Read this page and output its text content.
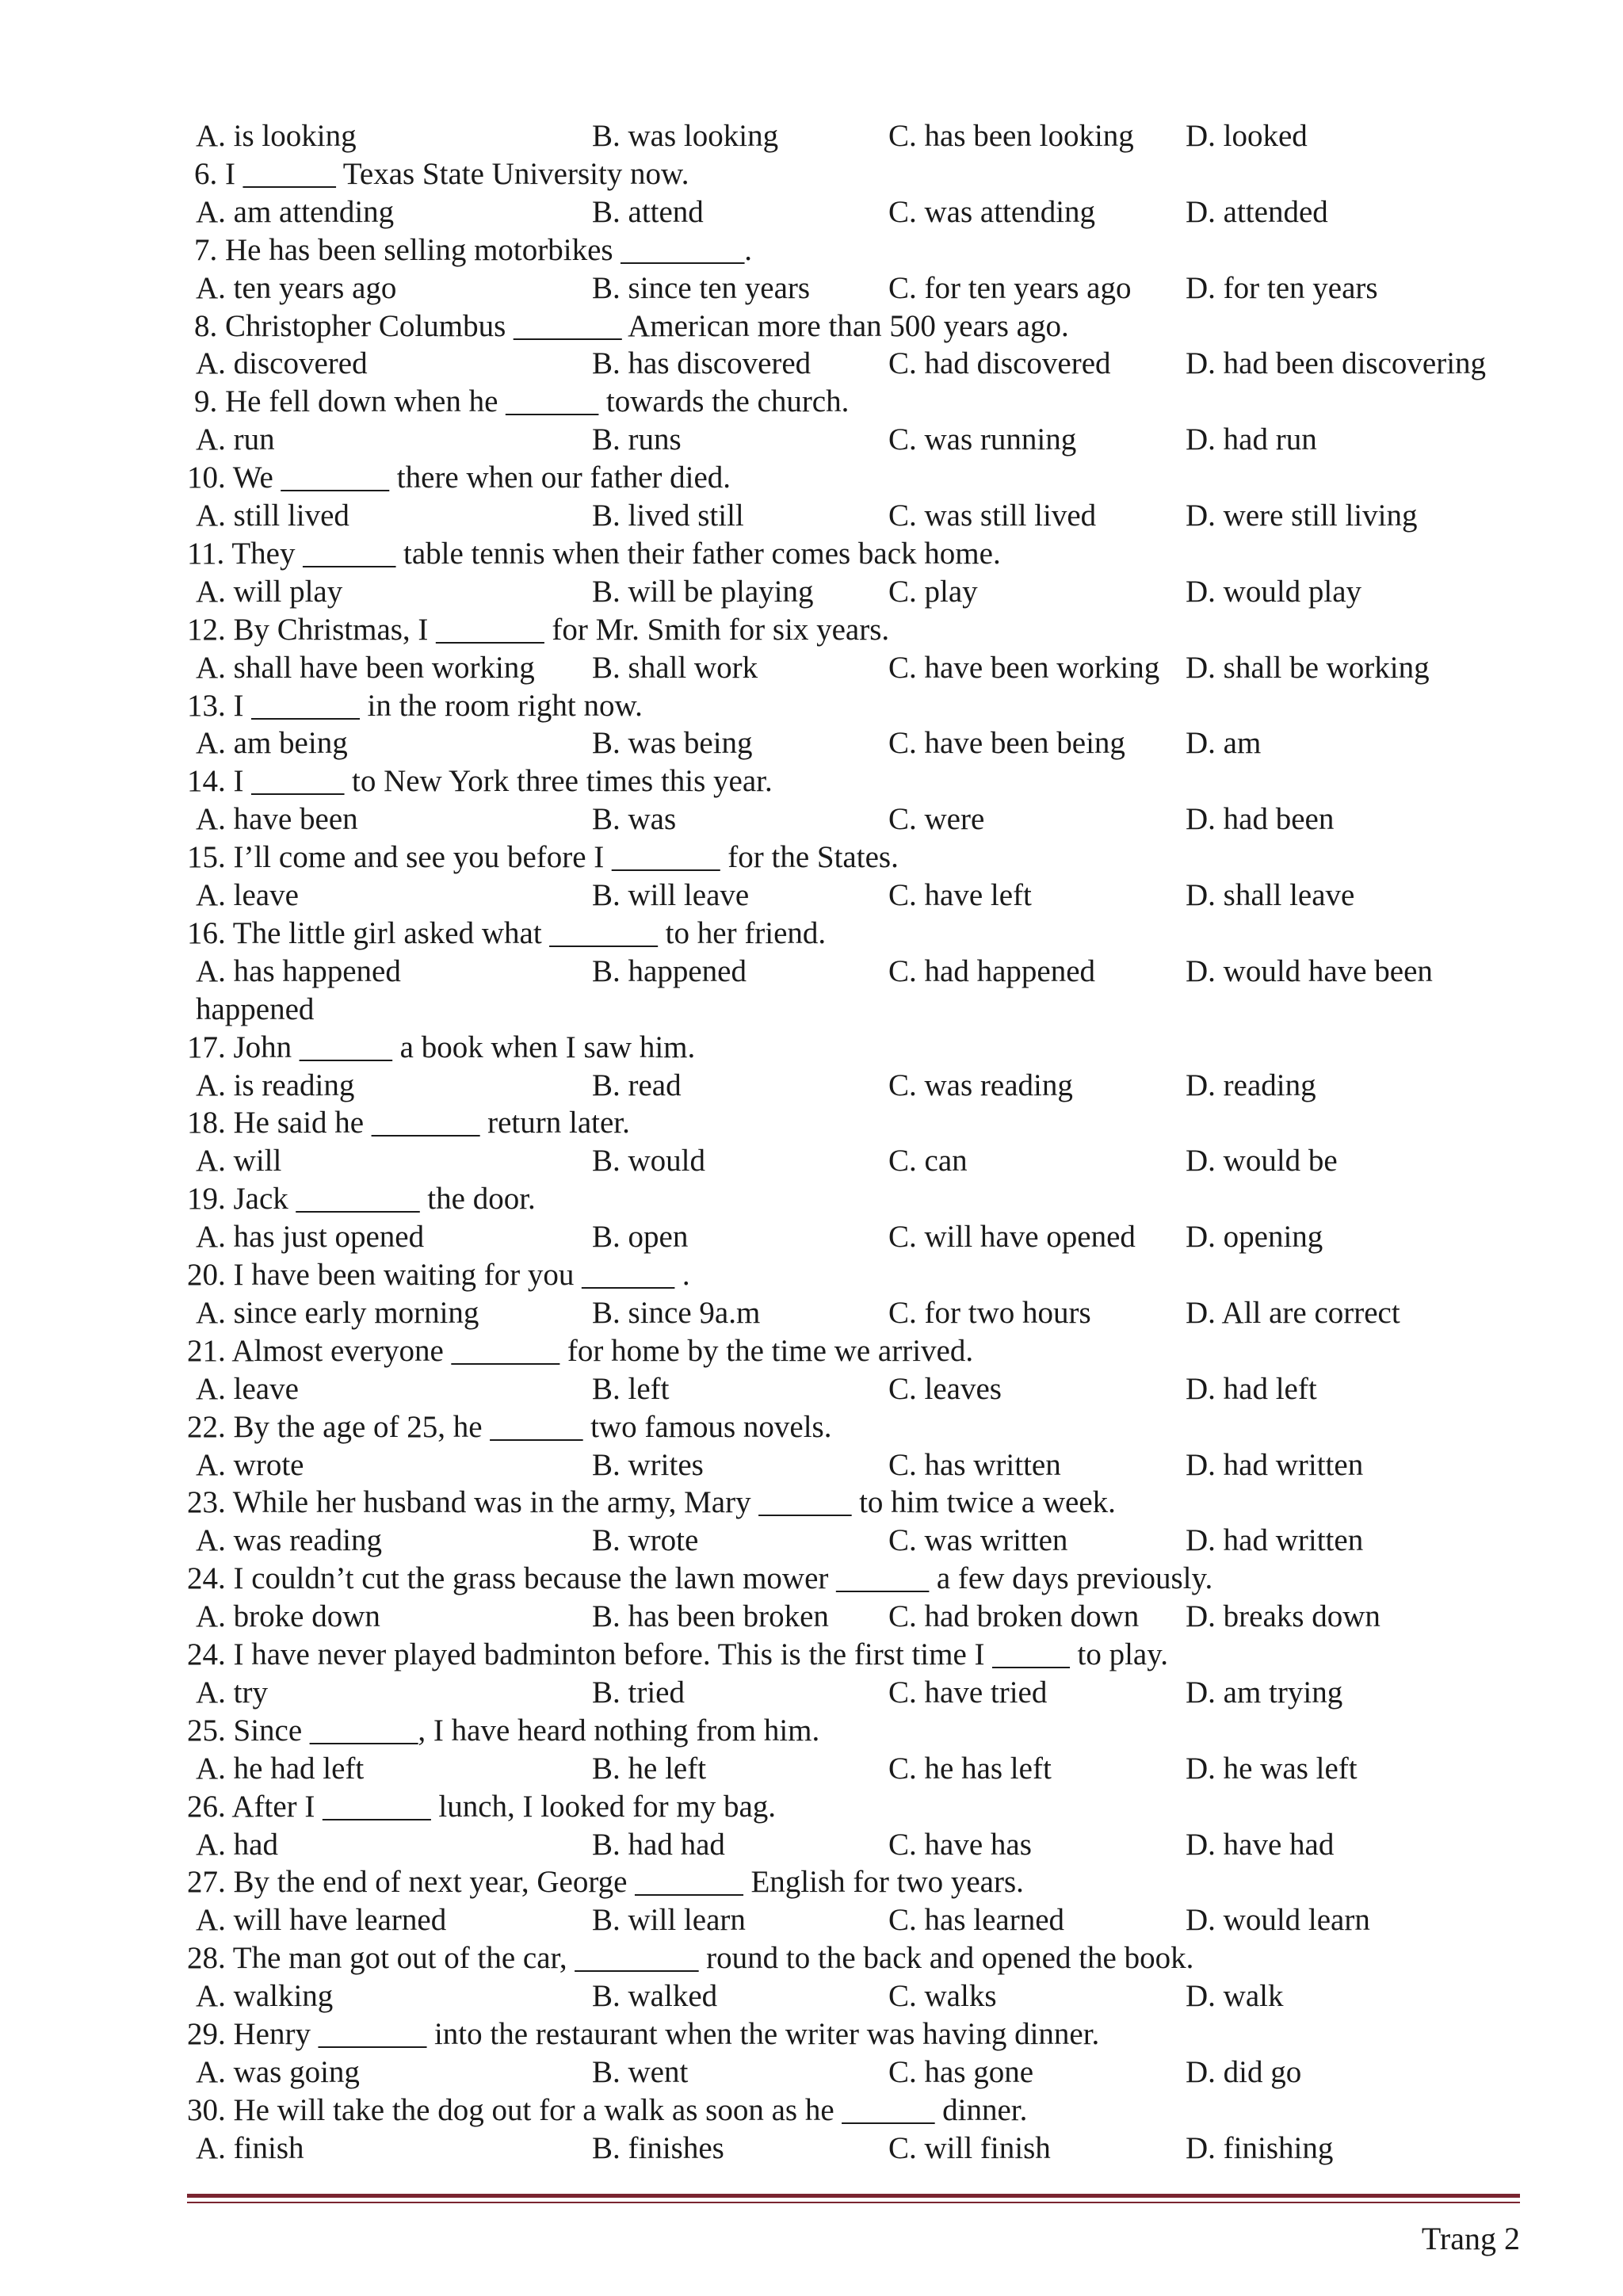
A. is looking	B. was looking	C. has been looking D. looked
6. I ______ Texas State University now.
A. am attending	B. attend	C. was attending	D. attended
7. He has been selling motorbikes ________.
A. ten years ago	B. since ten years	C. for ten years ago D. for ten years
8. Christopher Columbus _______ American more than 500 years ago.
A. discovered	B. has discovered	C. had discovered D. had been discovering
9. He fell down when he ______ towards the church.
A. run	B. runs	C. was running	D. had run
10. We _______ there when our father died.
A. still lived	B. lived still	C. was still lived	D. were still living
11. They ______ table tennis when their father comes back home.
A. will play	B. will be playing C. play	D. would play
12. By Christmas, I _______ for Mr. Smith for six years.
A. shall have been working B. shall work	C. have been working D. shall be working
13. I _______ in the room right now.
A. am being	B. was being	C. have been being D. am
14. I ______ to New York three times this year.
A. have been	B. was	C. were	D. had been
15. I’ll come and see you before I _______ for the States.
A. leave	B. will leave	C. have left	D. shall leave
16. The little girl asked what _______ to her friend.
A. has happened	B. happened	C. had happened	D. would have been
happened
17. John ______ a book when I saw him.
A. is reading	B. read	C. was reading	D. reading
18. He said he _______ return later.
A. will	B. would	C. can	D. would be
19. Jack ________ the door.
A. has just opened	B. open	C. will have opened D. opening
20. I have been waiting for you ______ .
A. since early morning	B. since 9a.m	C. for two hours	D. All are correct
21. Almost everyone _______ for home by the time we arrived.
A. leave	B. left	C. leaves	D. had left
22. By the age of 25, he ______ two famous novels.
A. wrote	B. writes	C. has written	D. had written
23. While her husband was in the army, Mary ______ to him twice a week.
A. was reading	B. wrote	C. was written	D. had written
24. I couldn’t cut the grass because the lawn mower ______ a few days previously.
A. broke down	B. has been broken C. had broken down D. breaks down
24. I have never played badminton before. This is the first time I _____ to play.
A. try	B. tried	C. have tried	D. am trying
25. Since _______, I have heard nothing from him.
A. he had left	B. he left	C. he has left	D. he was left
26. After I _______ lunch, I looked for my bag.
A. had	B. had had	C. have has	D. have had
27. By the end of next year, George _______ English for two years.
A. will have learned	B. will learn	C. has learned	D. would learn
28. The man got out of the car, ________ round to the back and opened the book.
A. walking	B. walked	C. walks	D. walk
29. Henry _______ into the restaurant when the writer was having dinner.
A. was going	B. went	C. has gone	D. did go
30. He will take the dog out for a walk as soon as he ______ dinner.
A. finish	B. finishes	C. will finish	D. finishing
Trang 2
